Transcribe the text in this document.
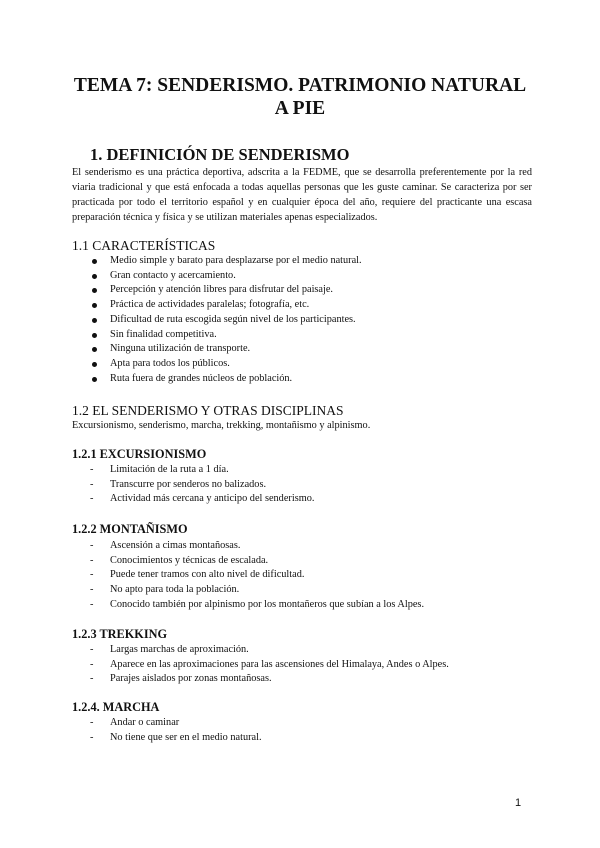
TEMA 7: SENDERISMO. PATRIMONIO NATURAL A PIE
1. DEFINICIÓN DE SENDERISMO

El senderismo es una práctica deportiva, adscrita a la FEDME, que se desarrolla preferentemente por la red viaria tradicional y que está enfocada a todas aquellas personas que les guste caminar. Se caracteriza por ser practicada por todo el territorio español y en cualquier época del año, requiere del practicante una escasa preparación técnica y física y se utilizan materiales apenas especializados.

1.1 CARACTERÍSTICAS
Medio simple y barato para desplazarse por el medio natural.
Gran contacto y acercamiento.
Percepción y atención libres para disfrutar del paisaje.
Práctica de actividades paralelas; fotografía, etc.
Dificultad de ruta escogida según nivel de los participantes.
Sin finalidad competitiva.
Ninguna utilización de transporte.
Apta para todos los públicos.
Ruta fuera de grandes núcleos de población.
1.2 EL SENDERISMO Y OTRAS DISCIPLINAS

Excursionismo, senderismo, marcha, trekking, montañismo y alpinismo.

1.2.1 EXCURSIONISMO
- Limitación de la ruta a 1 día.
- Transcurre por senderos no balizados.
- Actividad más cercana y anticipo del senderismo.
1.2.2 MONTAÑISMO
- Ascensión a cimas montañosas.
- Conocimientos y técnicas de escalada.
- Puede tener tramos con alto nivel de dificultad.
- No apto para toda la población.
- Conocido también por alpinismo por los montañeros que subían a los Alpes.
1.2.3 TREKKING
- Largas marchas de aproximación.
- Aparece en las aproximaciones para las ascensiones del Himalaya, Andes o Alpes.
- Parajes aislados por zonas montañosas.
1.2.4. MARCHA
- Andar o caminar
- No tiene que ser en el medio natural.
1
